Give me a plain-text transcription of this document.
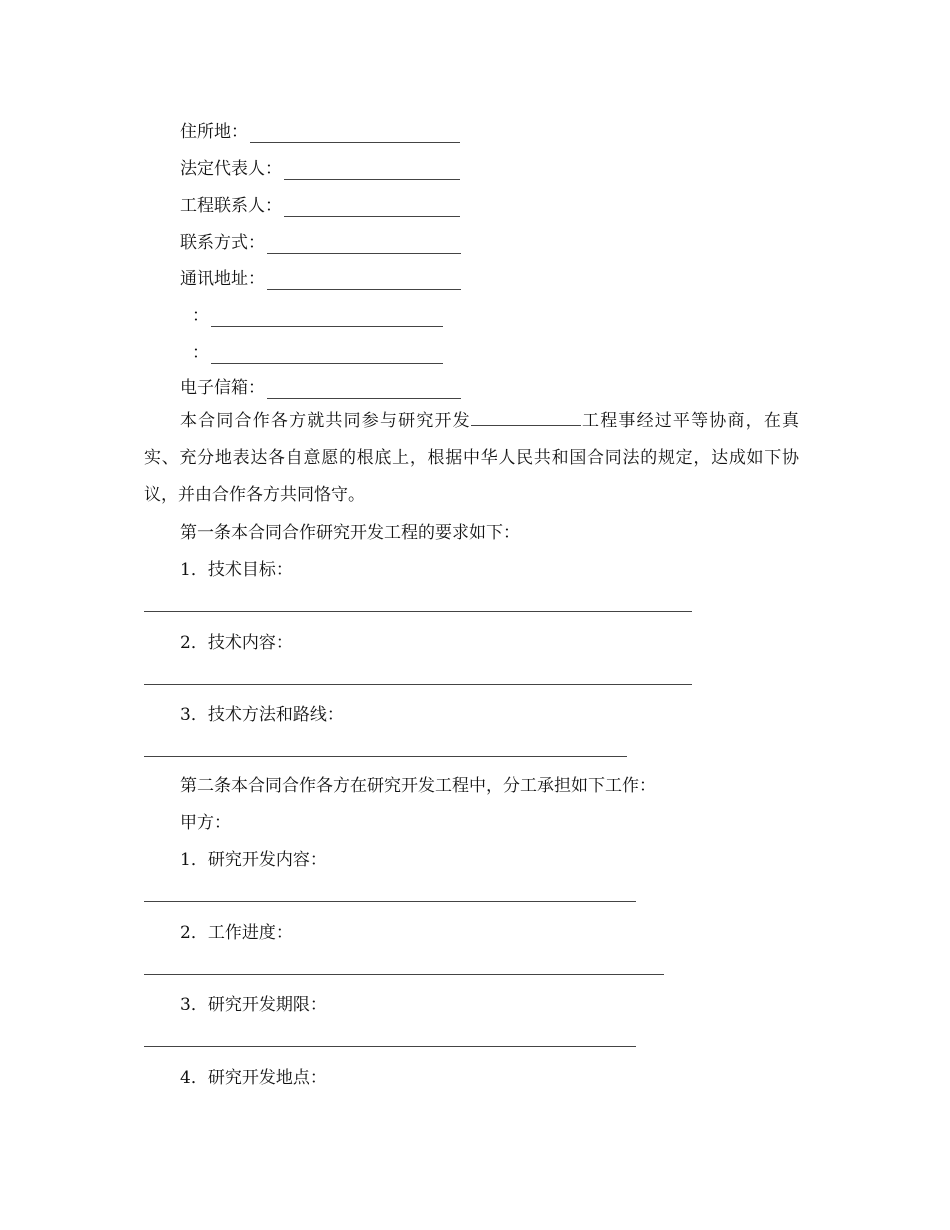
住所地：
法定代表人：
工程联系人：
联系方式：
通讯地址：
：
：
电子信箱：
本合同合作各方就共同参与研究开发	工程事经过平等协商，在真实、充分地表达各自意愿的根底上，根据中华人民共和国合同法的规定，达成如下协议，并由合作各方共同恪守。
第一条本合同合作研究开发工程的要求如下：
1．技术目标：
2．技术内容：
3．技术方法和路线：
第二条本合同合作各方在研究开发工程中，分工承担如下工作：
甲方：
1．研究开发内容：
2．工作进度：
3．研究开发期限：
4．研究开发地点：
